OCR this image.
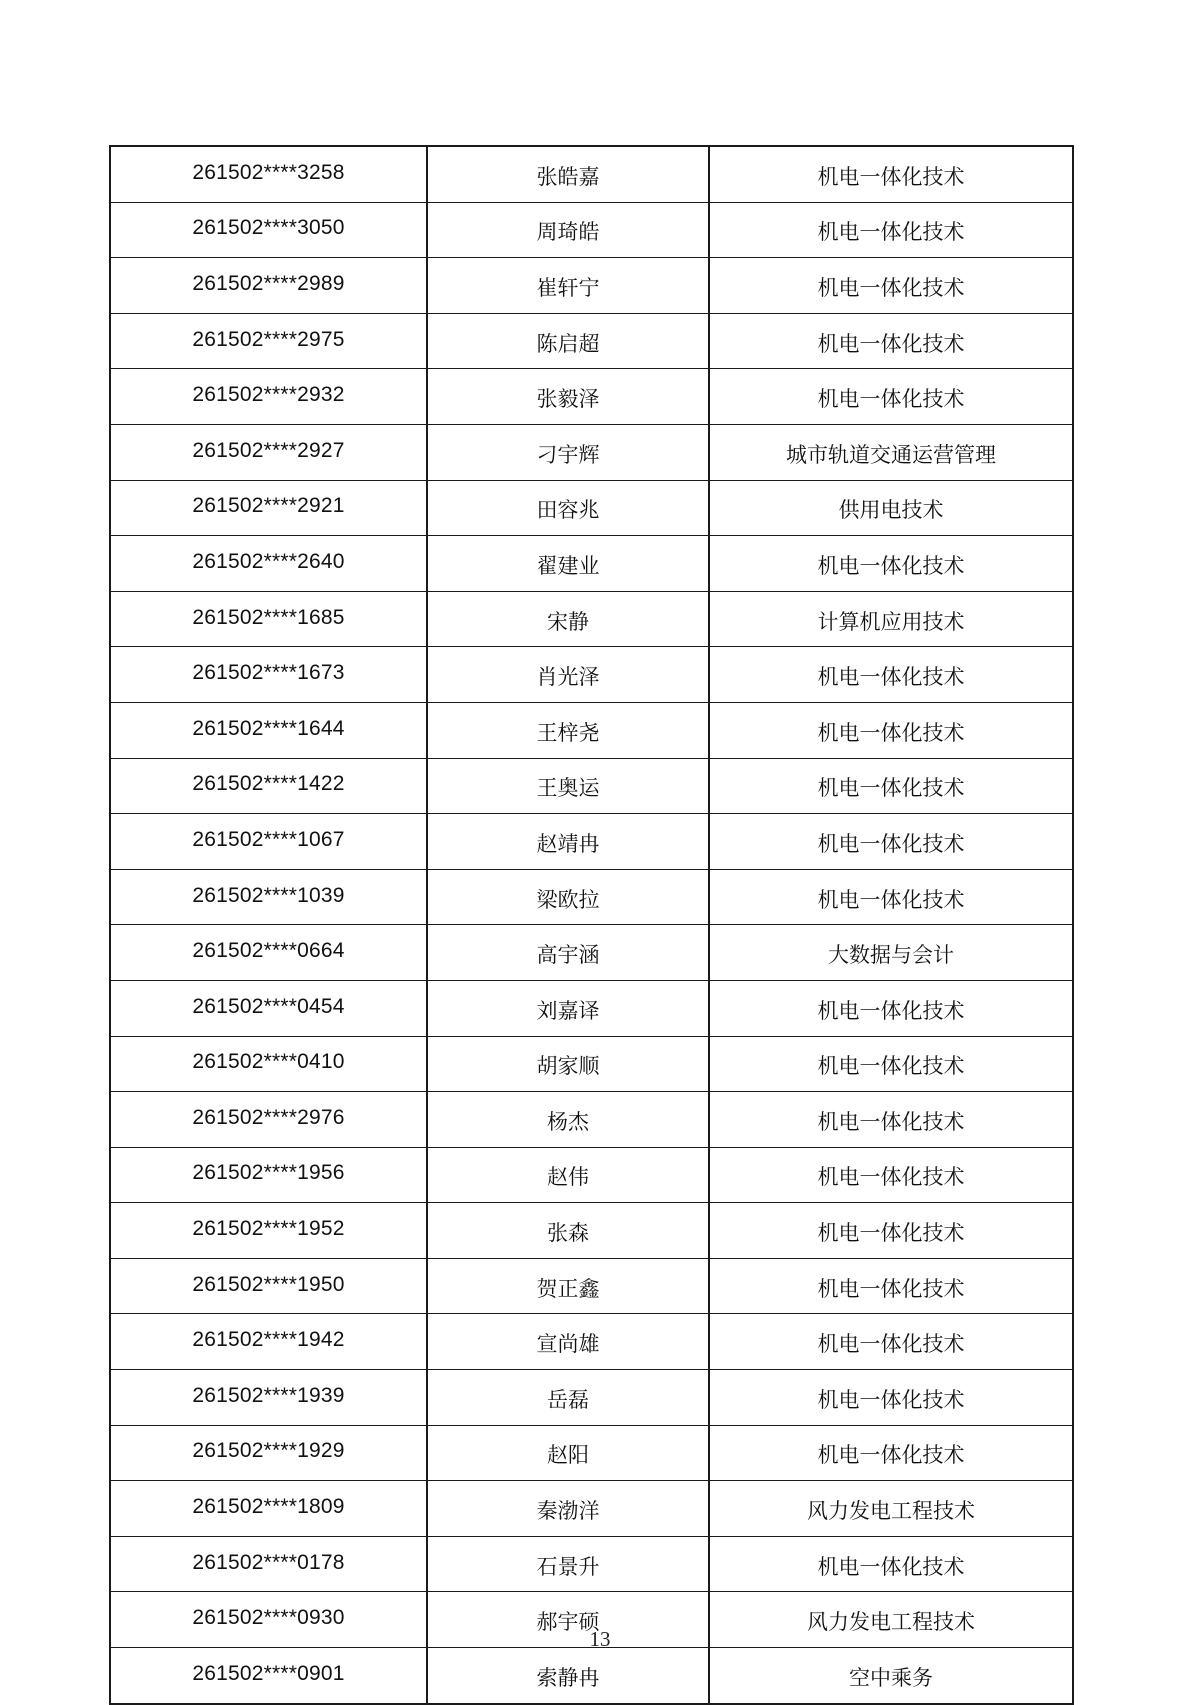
261502****3258	张皓嘉	机电一体化技术
261502****3050	周琦皓	机电一体化技术
261502****2989	崔轩宁	机电一体化技术
261502****2975	陈启超	机电一体化技术
261502****2932	张毅泽	机电一体化技术
261502****2927	刁宇辉	城市轨道交通运营管理
261502****2921	田容兆	供用电技术
261502****2640	翟建业	机电一体化技术
261502****1685	宋静	计算机应用技术
261502****1673	肖光泽	机电一体化技术
261502****1644	王梓尧	机电一体化技术
261502****1422	王奥运	机电一体化技术
261502****1067	赵靖冉	机电一体化技术
261502****1039	梁欧拉	机电一体化技术
261502****0664	高宇涵	大数据与会计
261502****0454	刘嘉译	机电一体化技术
261502****0410	胡家顺	机电一体化技术
261502****2976	杨杰	机电一体化技术
261502****1956	赵伟	机电一体化技术
261502****1952	张森	机电一体化技术
261502****1950	贺正鑫	机电一体化技术
261502****1942	宣尚雄	机电一体化技术
261502****1939	岳磊	机电一体化技术
261502****1929	赵阳	机电一体化技术
261502****1809	秦渤洋	风力发电工程技术
261502****0178	石景升	机电一体化技术
261502****0930	郝宇硕	风力发电工程技术
261502****0901	索静冉	空中乘务
13
